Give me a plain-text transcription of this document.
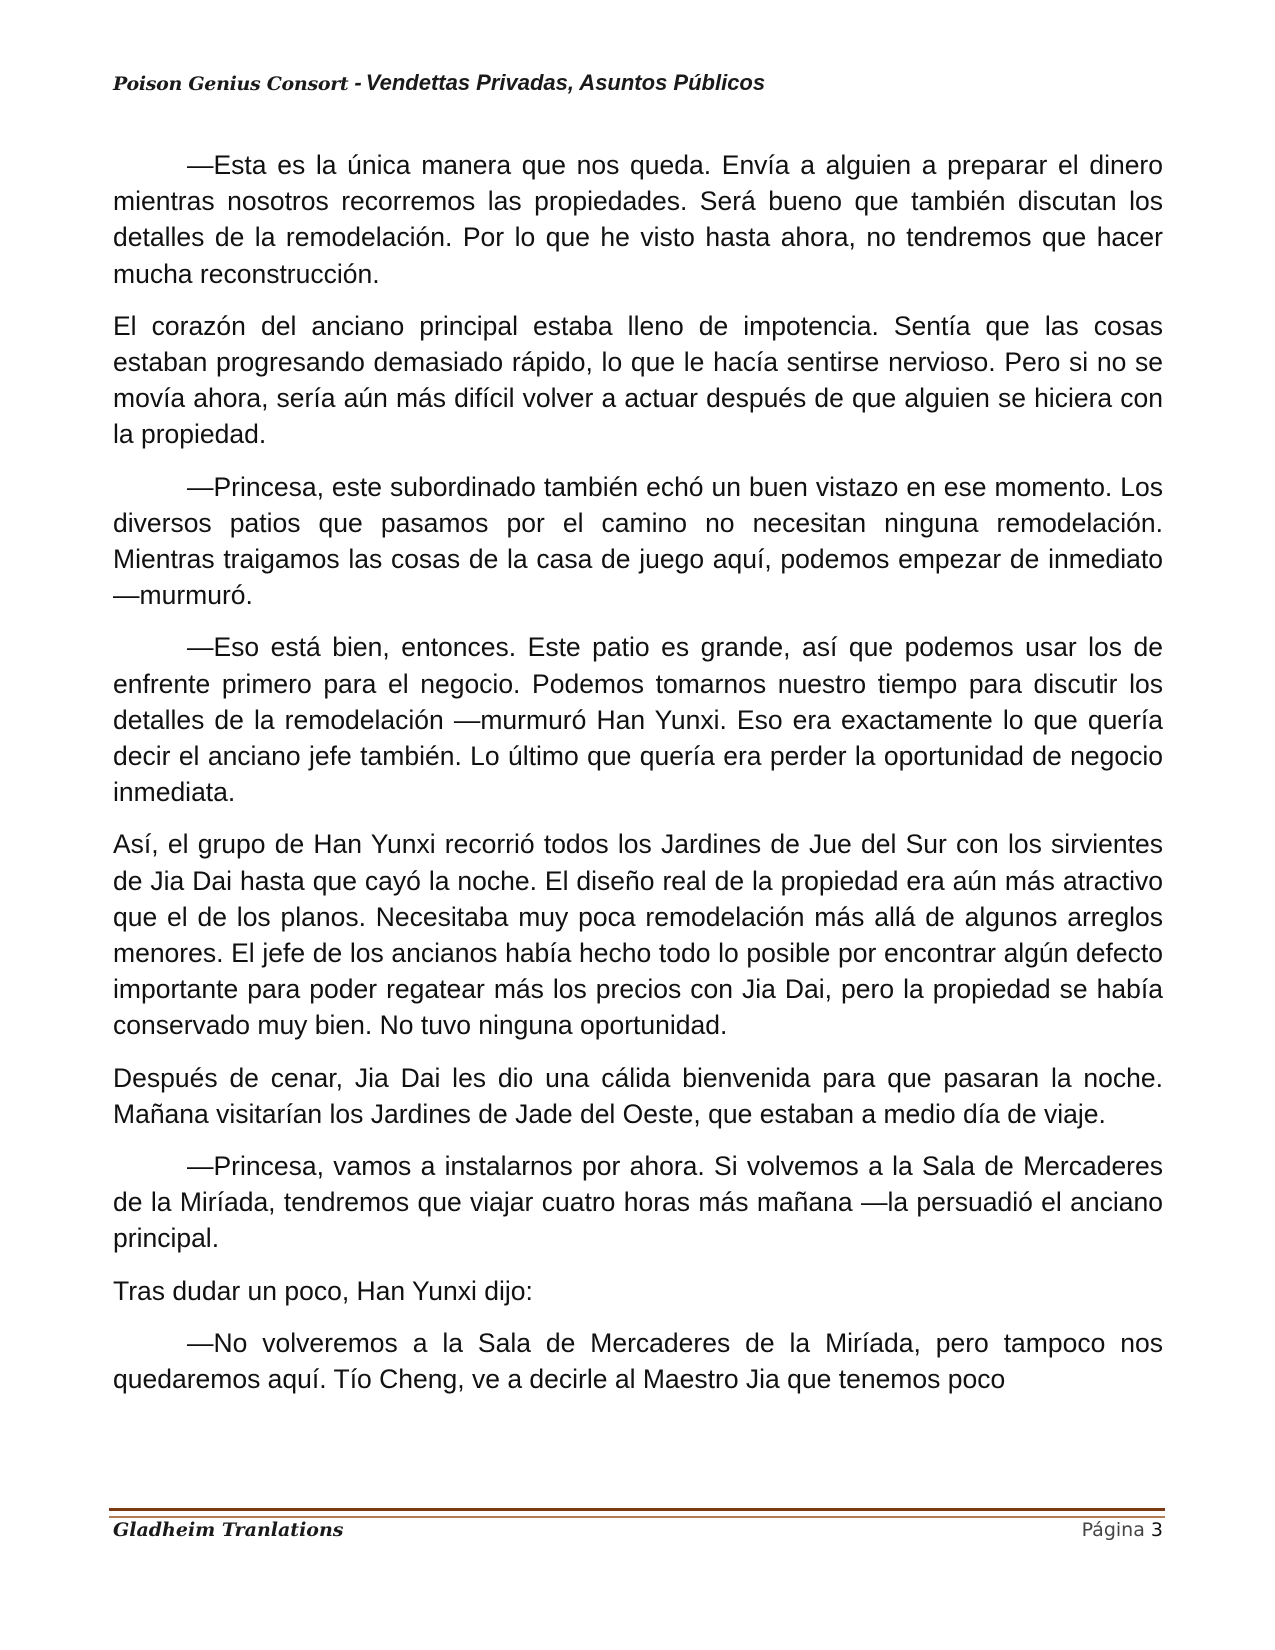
Poison Genius Consort - Vendettas Privadas, Asuntos Públicos

—Esta es la única manera que nos queda. Envía a alguien a preparar el dinero mientras nosotros recorremos las propiedades. Será bueno que también discutan los detalles de la remodelación. Por lo que he visto hasta ahora, no tendremos que hacer mucha reconstrucción.

El corazón del anciano principal estaba lleno de impotencia. Sentía que las cosas estaban progresando demasiado rápido, lo que le hacía sentirse nervioso. Pero si no se movía ahora, sería aún más difícil volver a actuar después de que alguien se hiciera con la propiedad.

—Princesa, este subordinado también echó un buen vistazo en ese momento. Los diversos patios que pasamos por el camino no necesitan ninguna remodelación. Mientras traigamos las cosas de la casa de juego aquí, podemos empezar de inmediato —murmuró.

—Eso está bien, entonces. Este patio es grande, así que podemos usar los de enfrente primero para el negocio. Podemos tomarnos nuestro tiempo para discutir los detalles de la remodelación —murmuró Han Yunxi. Eso era exactamente lo que quería decir el anciano jefe también. Lo último que quería era perder la oportunidad de negocio inmediata.

Así, el grupo de Han Yunxi recorrió todos los Jardines de Jue del Sur con los sirvientes de Jia Dai hasta que cayó la noche. El diseño real de la propiedad era aún más atractivo que el de los planos. Necesitaba muy poca remodelación más allá de algunos arreglos menores. El jefe de los ancianos había hecho todo lo posible por encontrar algún defecto importante para poder regatear más los precios con Jia Dai, pero la propiedad se había conservado muy bien. No tuvo ninguna oportunidad.

Después de cenar, Jia Dai les dio una cálida bienvenida para que pasaran la noche. Mañana visitarían los Jardines de Jade del Oeste, que estaban a medio día de viaje.

—Princesa, vamos a instalarnos por ahora. Si volvemos a la Sala de Mercaderes de la Miríada, tendremos que viajar cuatro horas más mañana —la persuadió el anciano principal.

Tras dudar un poco, Han Yunxi dijo:

—No volveremos a la Sala de Mercaderes de la Miríada, pero tampoco nos quedaremos aquí. Tío Cheng, ve a decirle al Maestro Jia que tenemos poco

Gladheim Tranlations	Página 3
